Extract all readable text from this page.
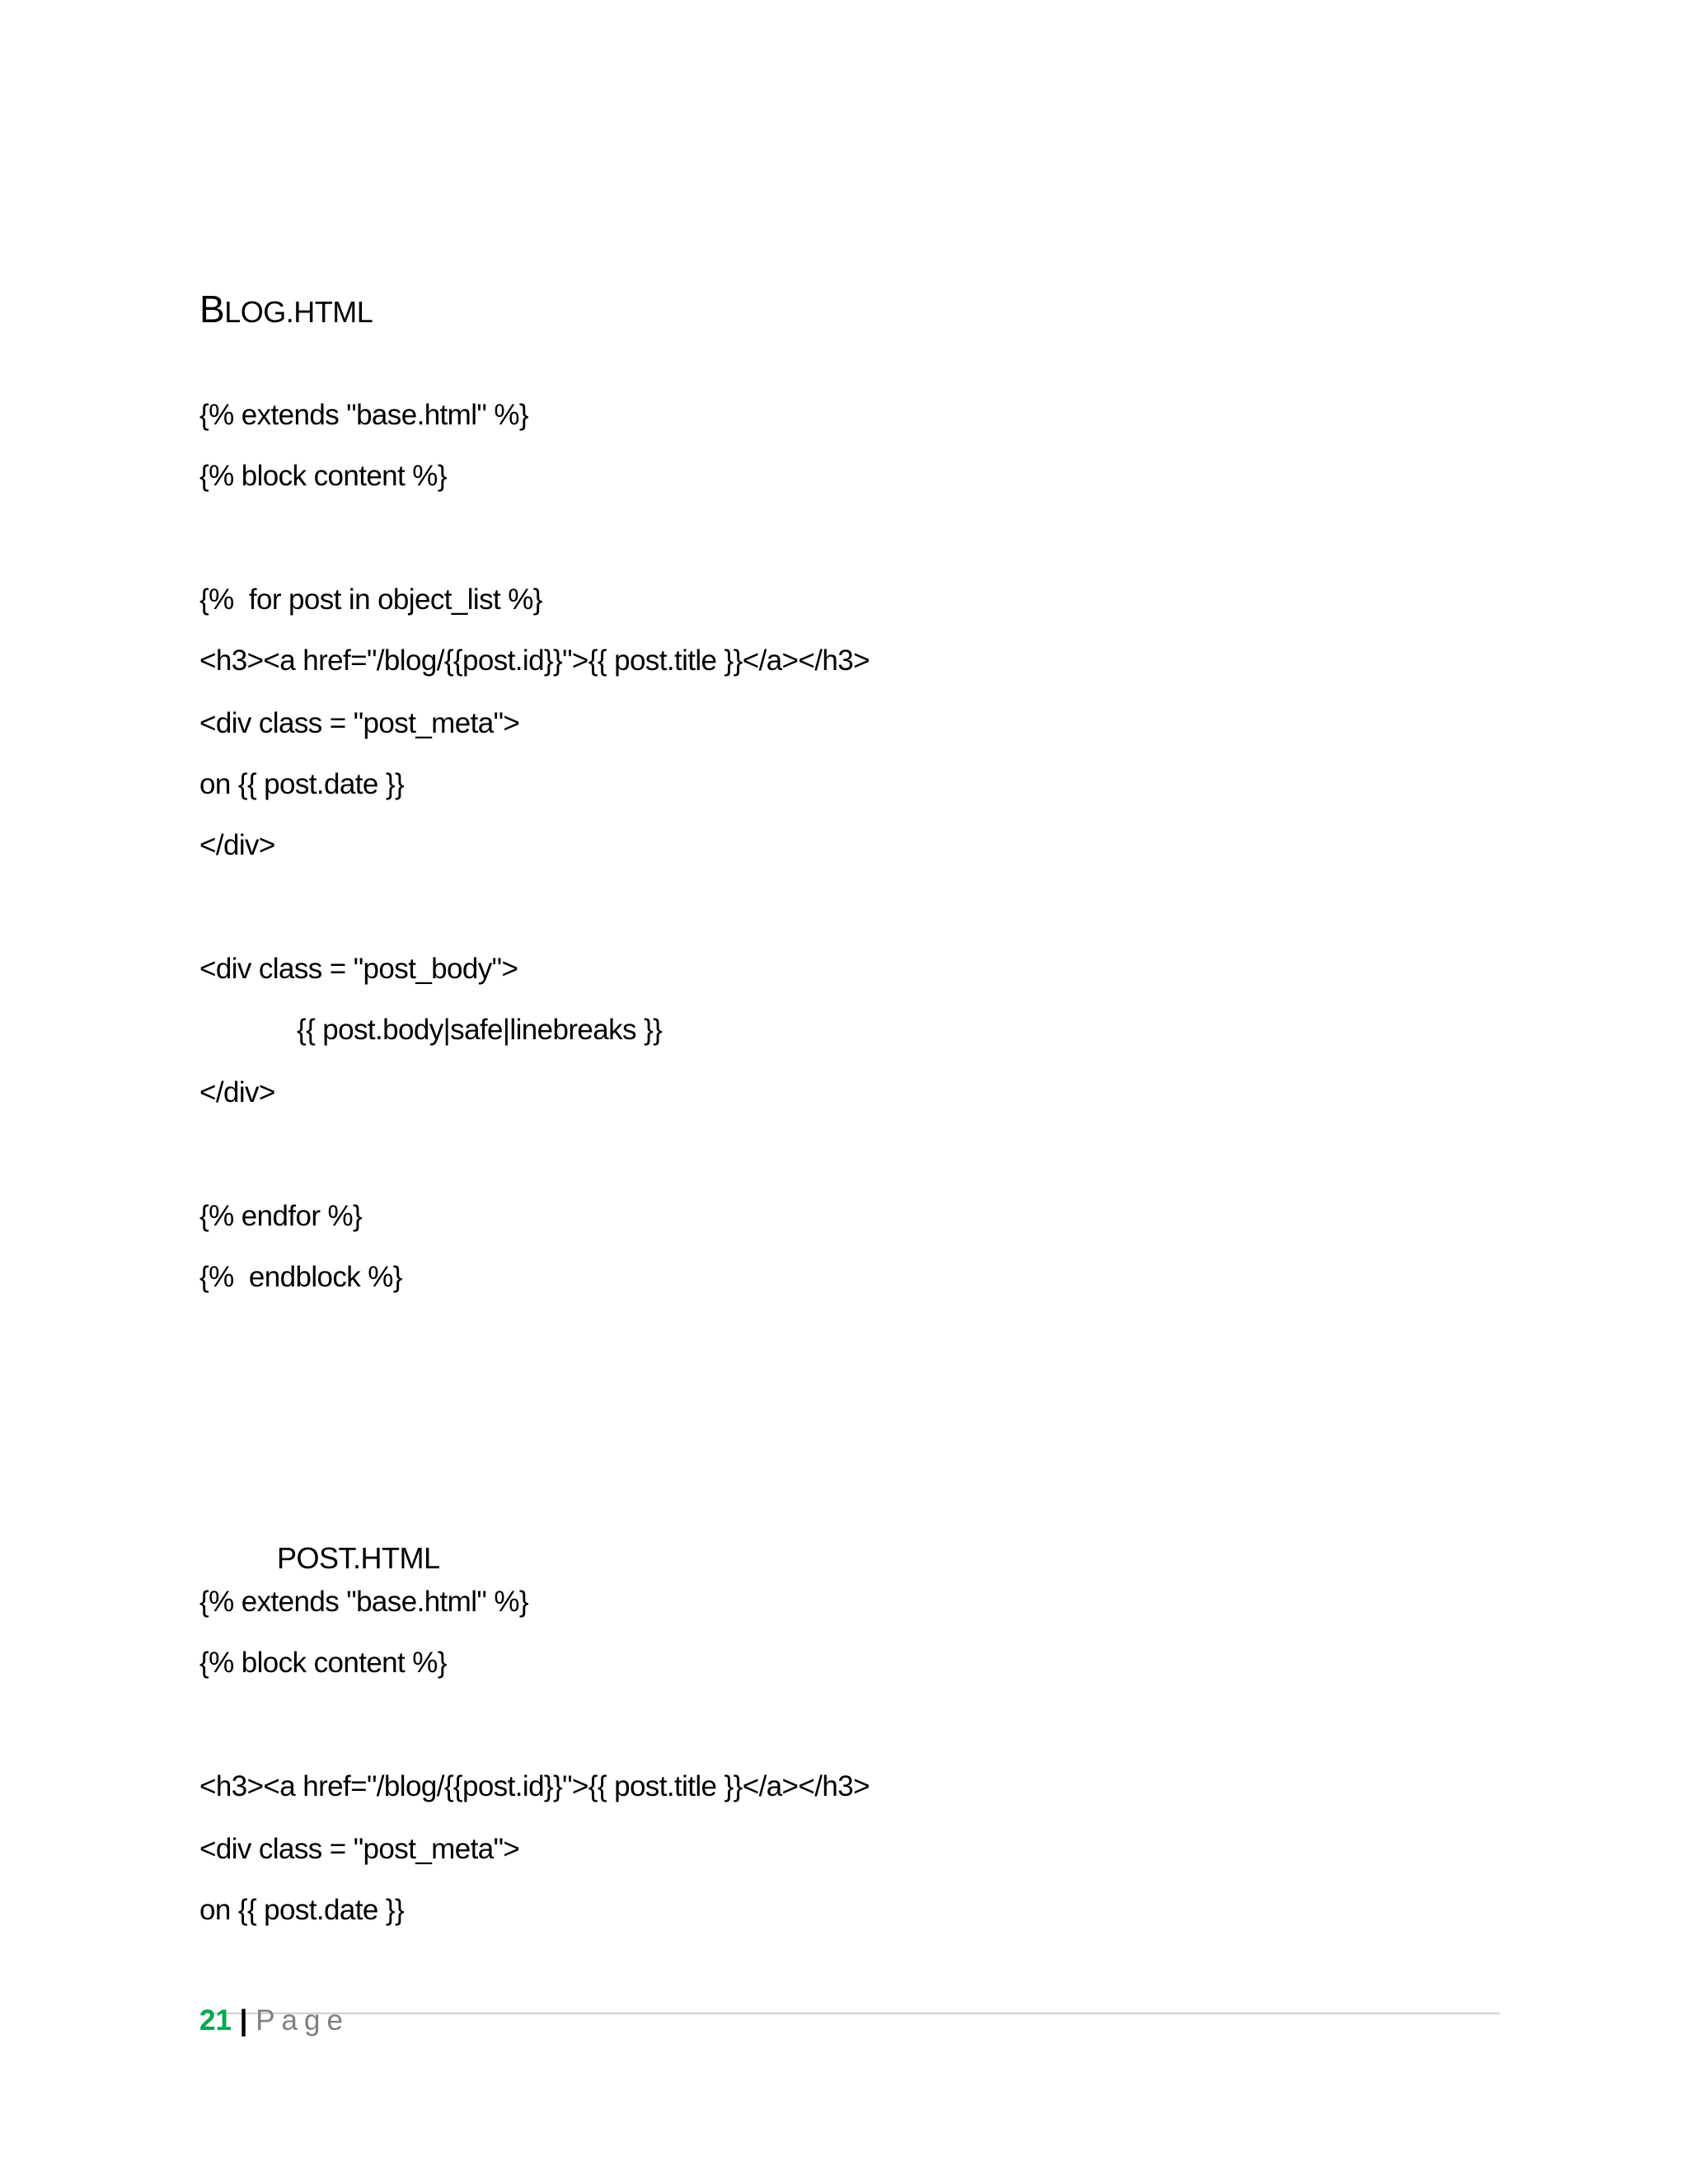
BLOG.HTML
{% extends "base.html" %}
{% block content %}
{%  for post in object_list %}
<h3><a href="/blog/{{post.id}}">{{ post.title }}</a></h3>
<div class = "post_meta">
on {{ post.date }}
</div>
<div class = "post_body">
{{ post.body|safe|linebreaks }}
</div>
{% endfor %}
{%  endblock %}
POST.HTML
{% extends "base.html" %}
{% block content %}
<h3><a href="/blog/{{post.id}}">{{ post.title }}</a></h3>
<div class = "post_meta">
on {{ post.date }}
21 | Page
